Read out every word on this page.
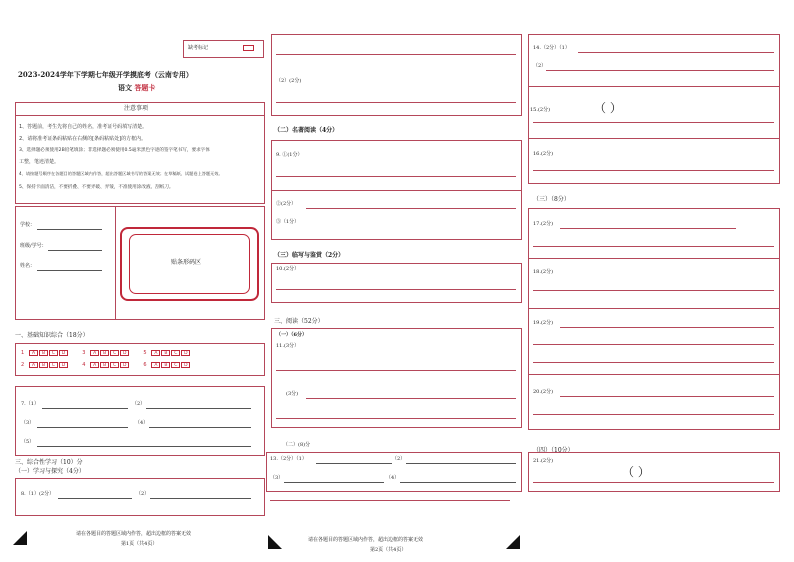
缺考标记
2023-2024学年下学期七年级开学摸底考（云南专用）
语文 答题卡
注意事项
1、答题前，考生先将自己的姓名，准考证号码填写清楚。
2、请将准考证条码粘贴在右侧的[条码粘贴处]的方框内。
3、选择题必须使用2B铅笔填涂；非选择题必须使用0.5毫米黑色字迹的签字笔书写，要求字体
工整，笔迹清楚。
4、请按题号顺序在各题目的答题区域内作答，超出答题区域书写的答案无效；在草稿纸、试题卷上答题无效。
5、保持卡面清洁，不要折叠、不要弄破、弄皱，不准使用涂改液、刮纸刀。
学校：
班级/学号：
姓名：	贴条形码区
一、基础知识综合（18分）
1 A B C D	3 A B C D	5 A B C D
2 A B C D	4 A B C D	6 A B C D
7.（1）	（2）
（3）	（4）
（5）
三、综合性学习（10）分
（一）学习与探究（4分）
8.（1）(2分）	（2）
请在各题目的答题区域内作答，超出边框的答案无效
第1页（共4页）
（2）(2分)
（二）名著阅读（4分）
9. ①(1分）
②(2分）
③（1分）
（三）临写与鉴赏（2分）
10.(2分）
三、阅读（52分）
（一）（6分）
11.(3分）
(3分)
（二）(8)分
13.（2分）（1）	（2）
（3）	（4）
请在各题目的答题区域内作答，超出边框的答案无效
第2页（共4页）
14.（2分）（1）
（2）
15.(2分)	（ ）
16.(2分)
（三）（8分）
17.(2分)
18.(2分)
19.(2分)
20.(2分)
（四）（10分）
21.(2分)
（ ）
